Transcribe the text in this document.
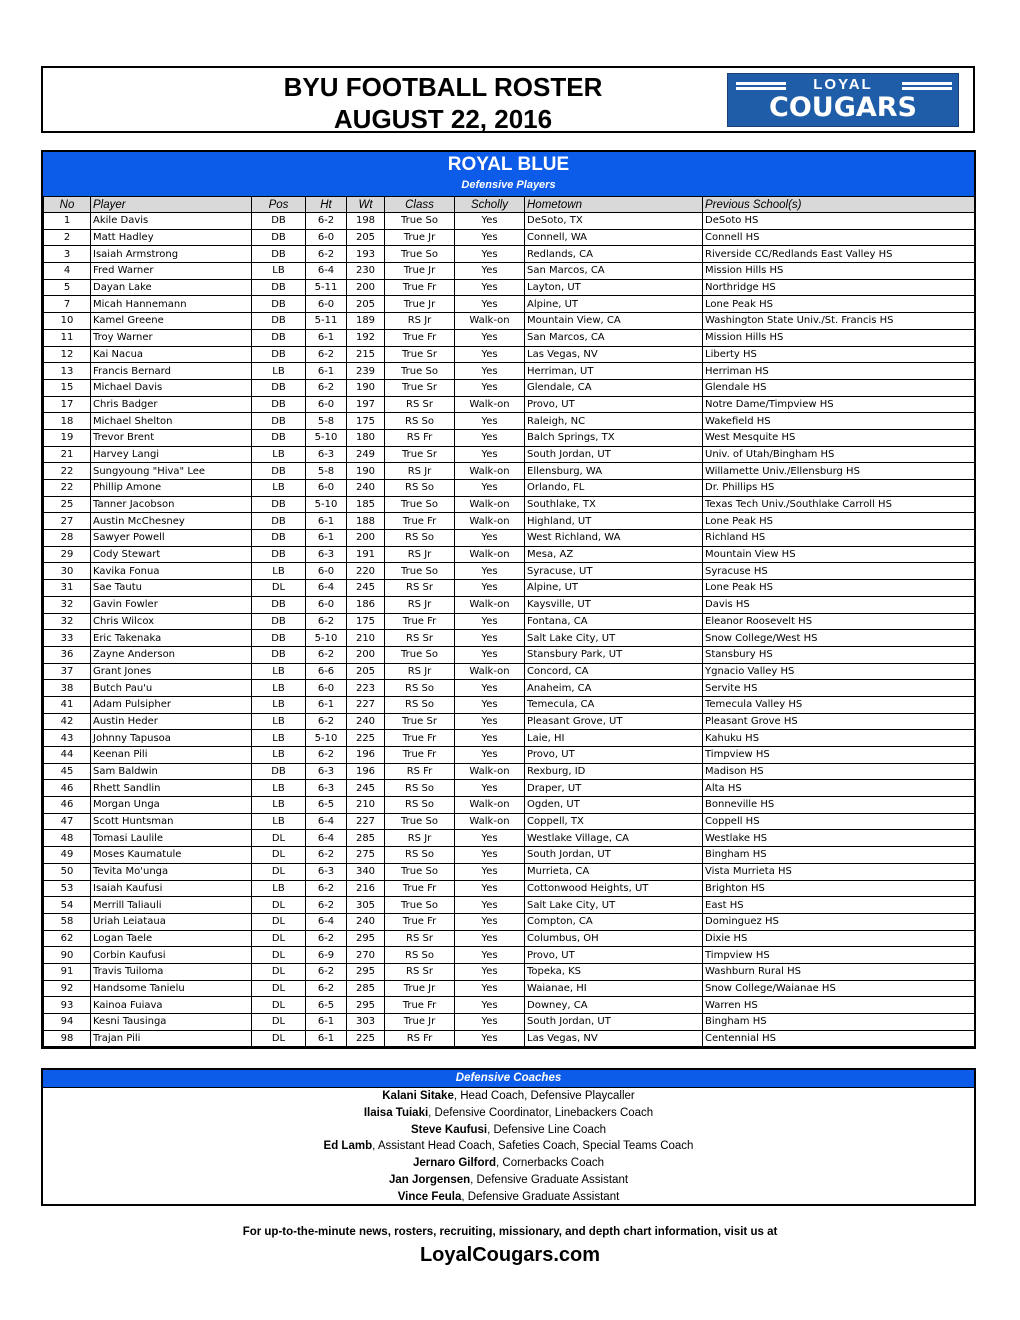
BYU FOOTBALL ROSTER
AUGUST 22, 2016
LOYAL
COUGARS
ROYAL BLUE
Defensive Players
No	Player	Pos	Ht	Wt	Class	Scholly	Hometown	Previous School(s)
1	Akile Davis	DB	6-2	198	True So	Yes	DeSoto, TX	DeSoto HS
2	Matt Hadley	DB	6-0	205	True Jr	Yes	Connell, WA	Connell HS
3	Isaiah Armstrong	DB	6-2	193	True So	Yes	Redlands, CA	Riverside CC/Redlands East Valley HS
4	Fred Warner	LB	6-4	230	True Jr	Yes	San Marcos, CA	Mission Hills HS
5	Dayan Lake	DB	5-11	200	True Fr	Yes	Layton, UT	Northridge HS
7	Micah Hannemann	DB	6-0	205	True Jr	Yes	Alpine, UT	Lone Peak HS
10	Kamel Greene	DB	5-11	189	RS Jr	Walk-on	Mountain View, CA	Washington State Univ./St. Francis HS
11	Troy Warner	DB	6-1	192	True Fr	Yes	San Marcos, CA	Mission Hills HS
12	Kai Nacua	DB	6-2	215	True Sr	Yes	Las Vegas, NV	Liberty HS
13	Francis Bernard	LB	6-1	239	True So	Yes	Herriman, UT	Herriman HS
15	Michael Davis	DB	6-2	190	True Sr	Yes	Glendale, CA	Glendale HS
17	Chris Badger	DB	6-0	197	RS Sr	Walk-on	Provo, UT	Notre Dame/Timpview HS
18	Michael Shelton	DB	5-8	175	RS So	Yes	Raleigh, NC	Wakefield HS
19	Trevor Brent	DB	5-10	180	RS Fr	Yes	Balch Springs, TX	West Mesquite HS
21	Harvey Langi	LB	6-3	249	True Sr	Yes	South Jordan, UT	Univ. of Utah/Bingham HS
22	Sungyoung "Hiva" Lee	DB	5-8	190	RS Jr	Walk-on	Ellensburg, WA	Willamette Univ./Ellensburg HS
22	Phillip Amone	LB	6-0	240	RS So	Yes	Orlando, FL	Dr. Phillips HS
25	Tanner Jacobson	DB	5-10	185	True So	Walk-on	Southlake, TX	Texas Tech Univ./Southlake Carroll HS
27	Austin McChesney	DB	6-1	188	True Fr	Walk-on	Highland, UT	Lone Peak HS
28	Sawyer Powell	DB	6-1	200	RS So	Yes	West Richland, WA	Richland HS
29	Cody Stewart	DB	6-3	191	RS Jr	Walk-on	Mesa, AZ	Mountain View HS
30	Kavika Fonua	LB	6-0	220	True So	Yes	Syracuse, UT	Syracuse HS
31	Sae Tautu	DL	6-4	245	RS Sr	Yes	Alpine, UT	Lone Peak HS
32	Gavin Fowler	DB	6-0	186	RS Jr	Walk-on	Kaysville, UT	Davis HS
32	Chris Wilcox	DB	6-2	175	True Fr	Yes	Fontana, CA	Eleanor Roosevelt HS
33	Eric Takenaka	DB	5-10	210	RS Sr	Yes	Salt Lake City, UT	Snow College/West HS
36	Zayne Anderson	DB	6-2	200	True So	Yes	Stansbury Park, UT	Stansbury HS
37	Grant Jones	LB	6-6	205	RS Jr	Walk-on	Concord, CA	Ygnacio Valley HS
38	Butch Pau'u	LB	6-0	223	RS So	Yes	Anaheim, CA	Servite HS
41	Adam Pulsipher	LB	6-1	227	RS So	Yes	Temecula, CA	Temecula Valley HS
42	Austin Heder	LB	6-2	240	True Sr	Yes	Pleasant Grove, UT	Pleasant Grove HS
43	Johnny Tapusoa	LB	5-10	225	True Fr	Yes	Laie, HI	Kahuku HS
44	Keenan Pili	LB	6-2	196	True Fr	Yes	Provo, UT	Timpview HS
45	Sam Baldwin	DB	6-3	196	RS Fr	Walk-on	Rexburg, ID	Madison HS
46	Rhett Sandlin	LB	6-3	245	RS So	Yes	Draper, UT	Alta HS
46	Morgan Unga	LB	6-5	210	RS So	Walk-on	Ogden, UT	Bonneville HS
47	Scott Huntsman	LB	6-4	227	True So	Walk-on	Coppell, TX	Coppell HS
48	Tomasi Laulile	DL	6-4	285	RS Jr	Yes	Westlake Village, CA	Westlake HS
49	Moses Kaumatule	DL	6-2	275	RS So	Yes	South Jordan, UT	Bingham HS
50	Tevita Mo'unga	DL	6-3	340	True So	Yes	Murrieta, CA	Vista Murrieta HS
53	Isaiah Kaufusi	LB	6-2	216	True Fr	Yes	Cottonwood Heights, UT	Brighton HS
54	Merrill Taliauli	DL	6-2	305	True So	Yes	Salt Lake City, UT	East HS
58	Uriah Leiataua	DL	6-4	240	True Fr	Yes	Compton, CA	Dominguez HS
62	Logan Taele	DL	6-2	295	RS Sr	Yes	Columbus, OH	Dixie HS
90	Corbin Kaufusi	DL	6-9	270	RS So	Yes	Provo, UT	Timpview HS
91	Travis Tuiloma	DL	6-2	295	RS Sr	Yes	Topeka, KS	Washburn Rural HS
92	Handsome Tanielu	DL	6-2	285	True Jr	Yes	Waianae, HI	Snow College/Waianae HS
93	Kainoa Fuiava	DL	6-5	295	True Fr	Yes	Downey, CA	Warren HS
94	Kesni Tausinga	DL	6-1	303	True Jr	Yes	South Jordan, UT	Bingham HS
98	Trajan Pili	DL	6-1	225	RS Fr	Yes	Las Vegas, NV	Centennial HS
Defensive Coaches
Kalani Sitake, Head Coach, Defensive Playcaller
Ilaisa Tuiaki, Defensive Coordinator, Linebackers Coach
Steve Kaufusi, Defensive Line Coach
Ed Lamb, Assistant Head Coach, Safeties Coach, Special Teams Coach
Jernaro Gilford, Cornerbacks Coach
Jan Jorgensen, Defensive Graduate Assistant
Vince Feula, Defensive Graduate Assistant
For up-to-the-minute news, rosters, recruiting, missionary, and depth chart information, visit us at
LoyalCougars.com
